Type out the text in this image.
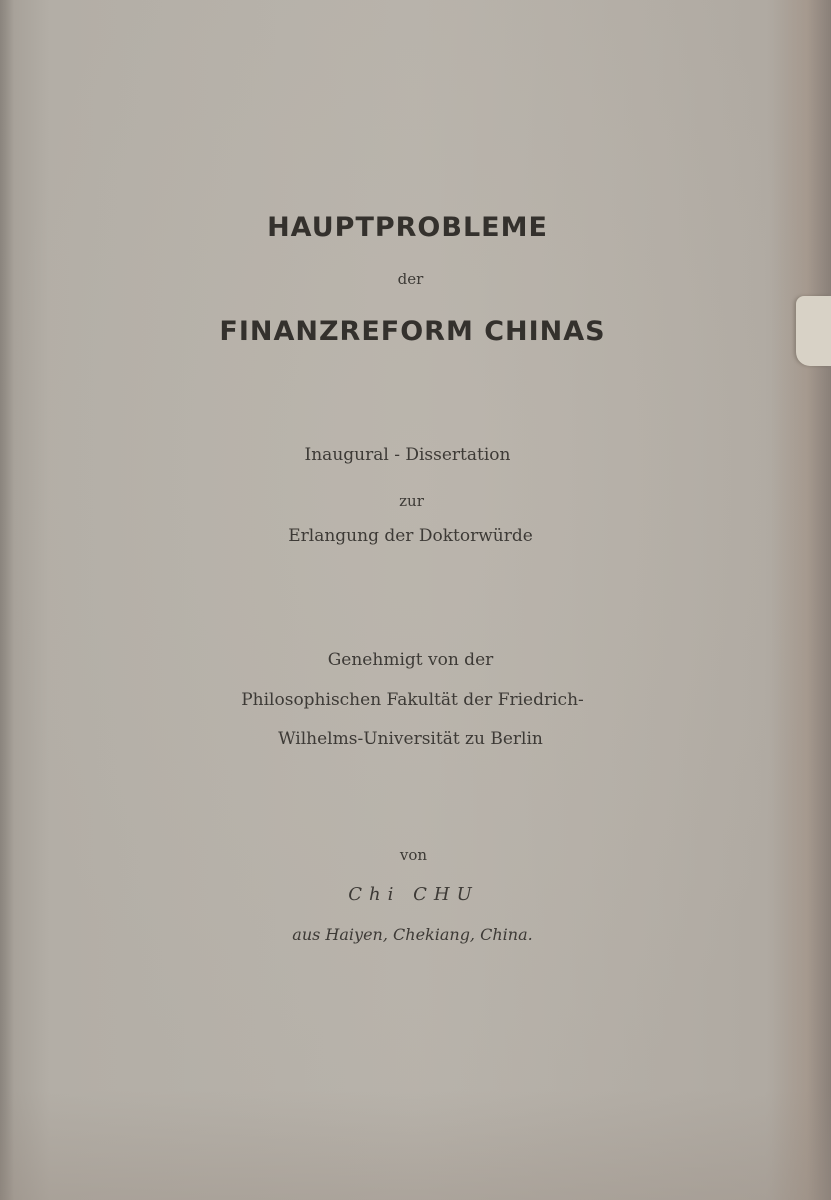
HAUPTPROBLEME
der
FINANZREFORM CHINAS
Inaugural - Dissertation
zur
Erlangung der Doktorwürde
Genehmigt von der
Philosophischen Fakultät der Friedrich-
Wilhelms-Universität zu Berlin
von
Chi CHU
aus Haiyen, Chekiang, China.
